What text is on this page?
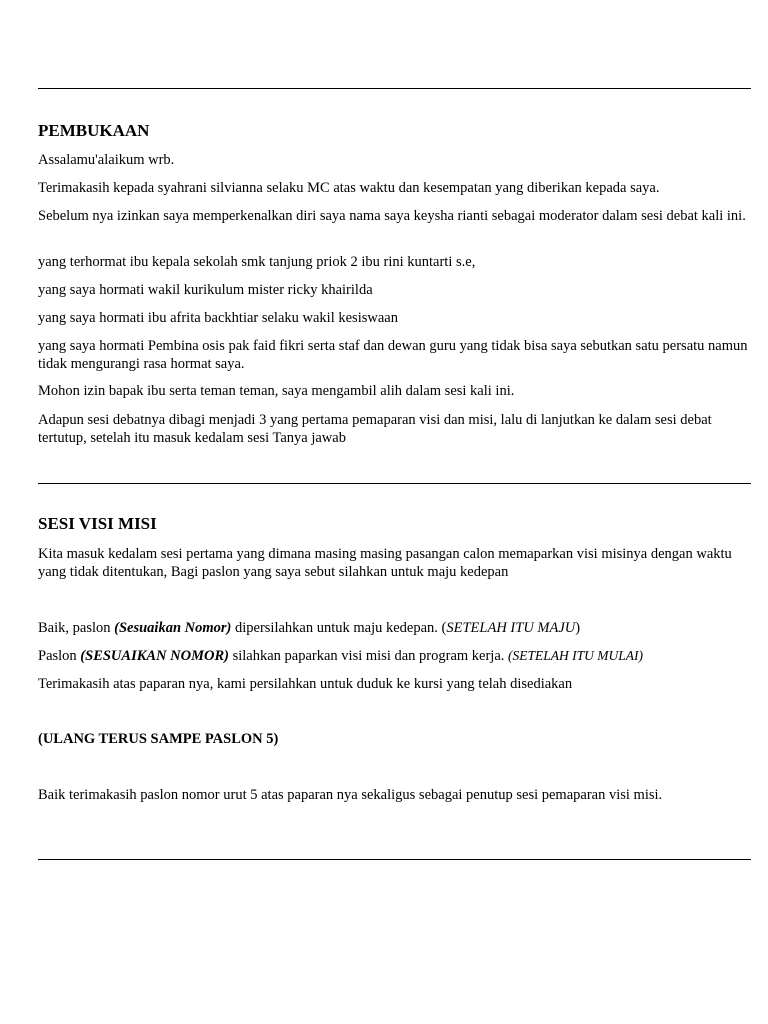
PEMBUKAAN

Assalamu'alaikum wrb.

Terimakasih kepada syahrani silvianna selaku MC atas waktu dan kesempatan yang diberikan kepada saya.

Sebelum nya izinkan saya memperkenalkan diri saya nama saya keysha rianti sebagai moderator dalam sesi debat kali ini.

yang terhormat ibu kepala sekolah smk tanjung priok 2 ibu rini kuntarti s.e,

yang saya hormati wakil kurikulum mister ricky khairilda

yang saya hormati ibu afrita backhtiar selaku wakil kesiswaan

yang saya hormati Pembina osis pak faid fikri serta staf dan dewan guru yang tidak bisa saya sebutkan satu persatu namun tidak mengurangi rasa hormat saya.

Mohon izin bapak ibu serta teman teman, saya mengambil alih dalam sesi kali ini.

Adapun sesi debatnya dibagi menjadi 3 yang pertama pemaparan visi dan misi, lalu di lanjutkan ke dalam sesi debat tertutup, setelah itu masuk kedalam sesi Tanya jawab

SESI VISI MISI

Kita masuk kedalam sesi pertama yang dimana masing masing pasangan calon memaparkan visi misinya dengan waktu yang tidak ditentukan, Bagi paslon yang saya sebut silahkan untuk maju kedepan

Baik, paslon (Sesuaikan Nomor) dipersilahkan untuk maju kedepan. (SETELAH ITU MAJU)

Paslon (SESUAIKAN NOMOR) silahkan paparkan visi misi dan program kerja. (SETELAH ITU MULAI)

Terimakasih atas paparan nya, kami persilahkan untuk duduk ke kursi yang telah disediakan

(ULANG TERUS SAMPE PASLON 5)

Baik terimakasih paslon nomor urut 5 atas paparan nya sekaligus sebagai penutup sesi pemaparan visi misi.
